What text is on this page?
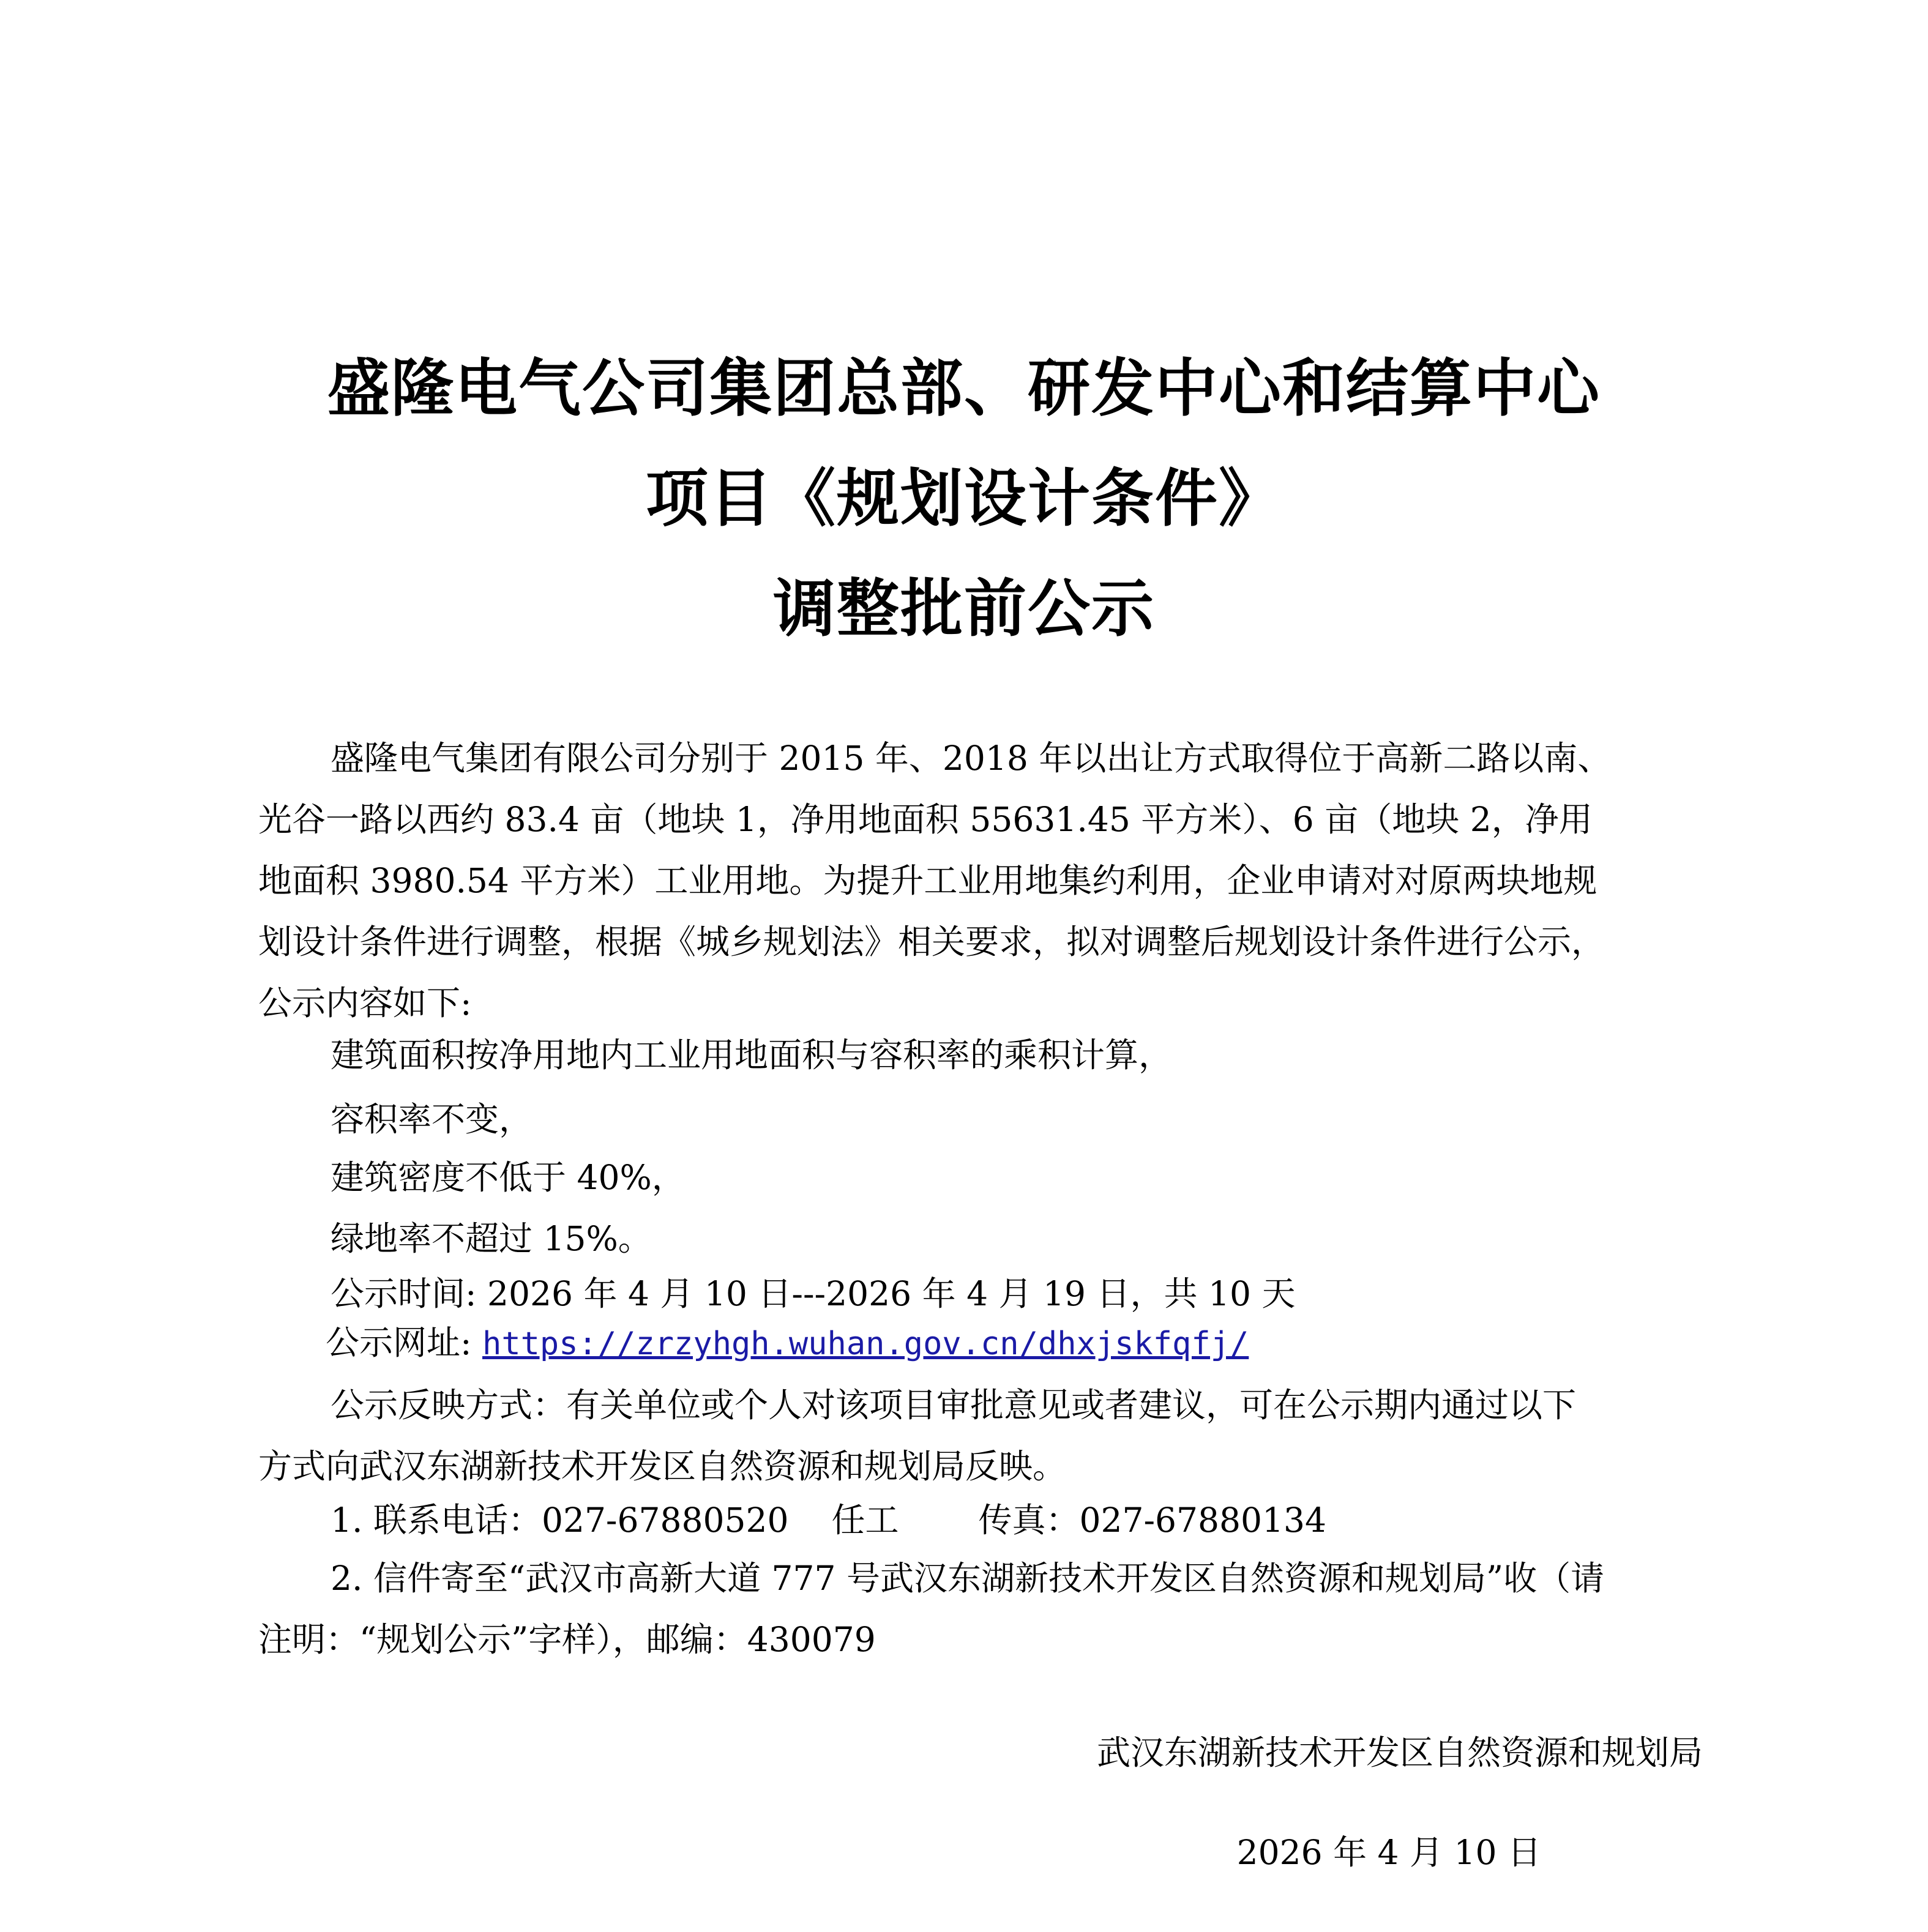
盛隆电气公司集团总部、研发中心和结算中心
项目《规划设计条件》
调整批前公示
盛隆电气集团有限公司分别于 2015 年、2018 年以出让方式取得位于高新二路以南、
光谷一路以西约 83.4 亩（地块 1，净用地面积 55631.45 平方米）、6 亩（地块 2，净用
地面积 3980.54 平方米）工业用地。为提升工业用地集约利用，企业申请对对原两块地规
划设计条件进行调整，根据《城乡规划法》相关要求，拟对调整后规划设计条件进行公示，
公示内容如下:
建筑面积按净用地内工业用地面积与容积率的乘积计算，
容积率不变，
建筑密度不低于 40%，
绿地率不超过 15%。
公示时间: 2026 年 4 月 10 日---2026 年 4 月 19 日，共 10 天
公示网址: https://zrzyhgh.wuhan.gov.cn/dhxjskfqfj/
公示反映方式：有关单位或个人对该项目审批意见或者建议，可在公示期内通过以下
方式向武汉东湖新技术开发区自然资源和规划局反映。
1. 联系电话：027-67880520 任工 传真：027-67880134
2. 信件寄至“武汉市高新大道 777 号武汉东湖新技术开发区自然资源和规划局”收（请
注明：“规划公示”字样），邮编：430079
武汉东湖新技术开发区自然资源和规划局
2026 年 4 月 10 日
